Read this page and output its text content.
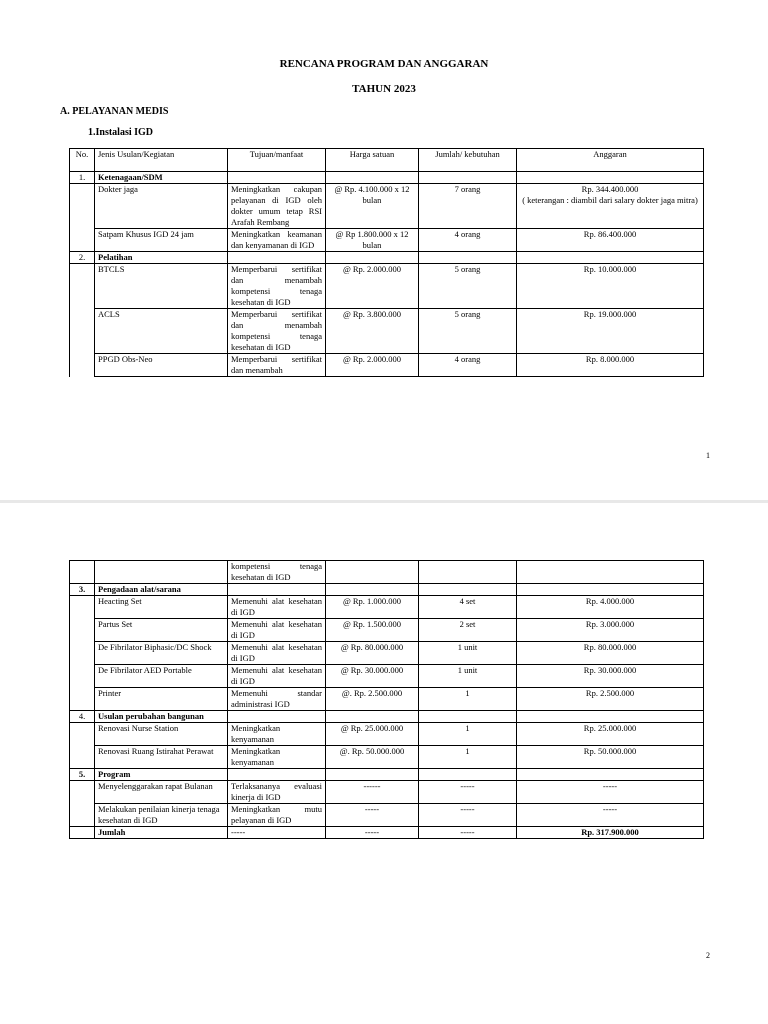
RENCANA PROGRAM DAN ANGGARAN
TAHUN 2023
A. PELAYANAN MEDIS
1.Instalasi IGD
No.	Jenis Usulan/Kegiatan	Tujuan/manfaat	Harga satuan	Jumlah/ kebutuhan	Anggaran
1.	Ketenagaan/SDM				
	Dokter jaga	Meningkatkan cakupan pelayanan di IGD oleh dokter umum tetap RSI Arafah Rembang	@ Rp. 4.100.000 x 12 bulan	7 orang	Rp. 344.400.000
( keterangan : diambil dari salary dokter jaga mitra)
	Satpam Khusus IGD 24 jam	Meningkatkan keamanan dan kenyamanan di IGD	@ Rp 1.800.000 x 12 bulan	4 orang	Rp. 86.400.000
2.	Pelatihan				
	BTCLS	Memperbarui sertifikat dan menambah kompetensi tenaga kesehatan di IGD	@ Rp. 2.000.000	5 orang	Rp. 10.000.000
	ACLS	Memperbarui sertifikat dan menambah kompetensi tenaga kesehatan di IGD	@ Rp. 3.800.000	5 orang	Rp. 19.000.000
	PPGD Obs-Neo	Memperbarui sertifikat dan menambah	@ Rp. 2.000.000	4 orang	Rp. 8.000.000
1
		kompetensi tenaga kesehatan di IGD			
3.	Pengadaan alat/sarana				
	Heacting Set	Memenuhi alat kesehatan di IGD	@ Rp. 1.000.000	4 set	Rp. 4.000.000
	Partus Set	Memenuhi alat kesehatan di IGD	@ Rp. 1.500.000	2 set	Rp. 3.000.000
	De Fibrilator Biphasic/DC Shock	Memenuhi alat kesehatan di IGD	@ Rp. 80.000.000	1 unit	Rp. 80.000.000
	De Fibrilator AED Portable	Memenuhi alat kesehatan di IGD	@ Rp. 30.000.000	1 unit	Rp. 30.000.000
	Printer	Memenuhi standar administrasi IGD	@. Rp. 2.500.000	1	Rp. 2.500.000
4.	Usulan perubahan bangunan				
	Renovasi Nurse Station	Meningkatkan kenyamanan	@ Rp. 25.000.000	1	Rp. 25.000.000
	Renovasi Ruang Istirahat Perawat	Meningkatkan kenyamanan	@. Rp. 50.000.000	1	Rp. 50.000.000
5.	Program				
	Menyelenggarakan rapat Bulanan	Terlaksananya evaluasi kinerja di IGD	------	-----	-----
	Melakukan penilaian kinerja tenaga kesehatan di IGD	Meningkatkan mutu pelayanan di IGD	-----	-----	-----
	Jumlah	-----	-----	-----	Rp. 317.900.000
2
